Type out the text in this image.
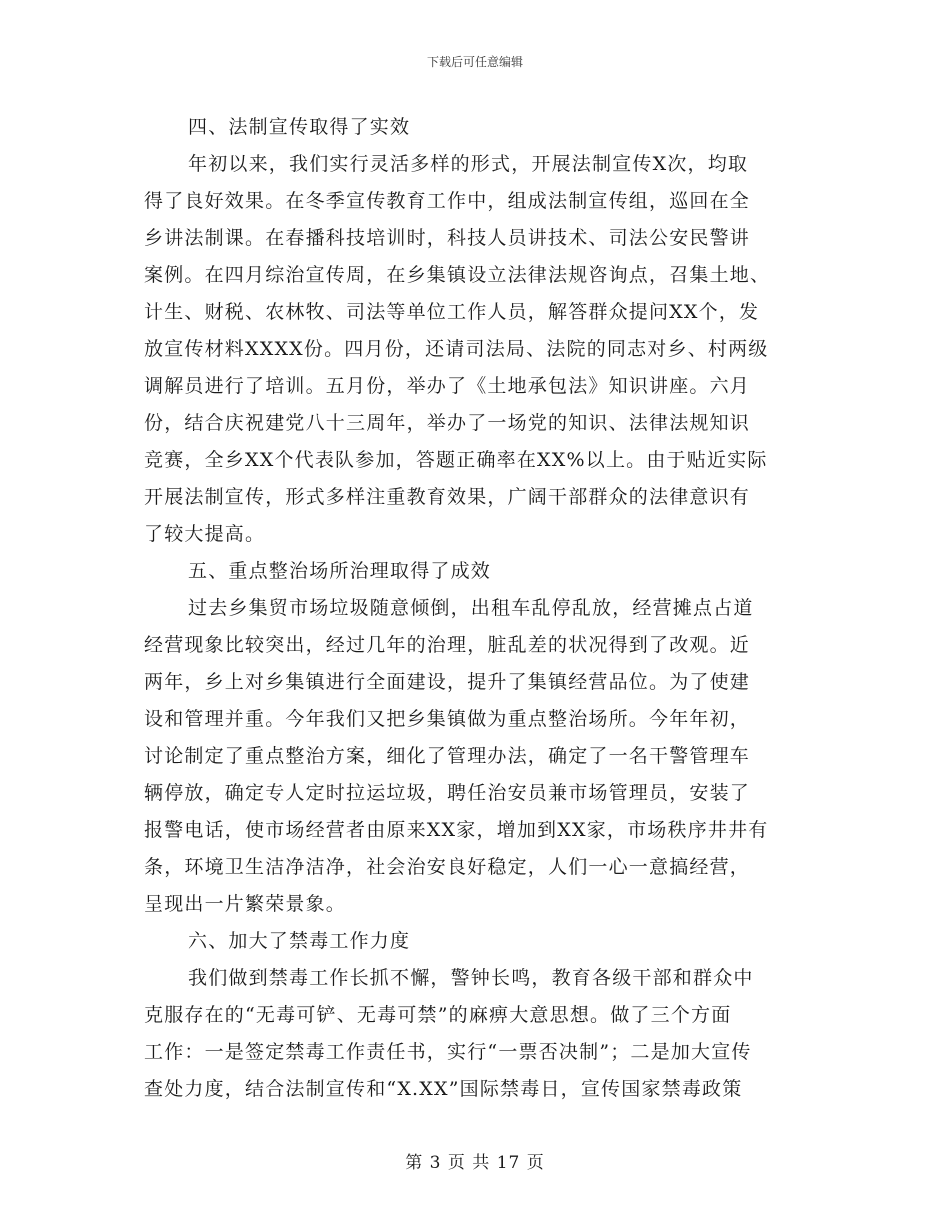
下载后可任意编辑

四、法制宣传取得了实效

年初以来，我们实行灵活多样的形式，开展法制宣传X次，均取

得了良好效果。在冬季宣传教育工作中，组成法制宣传组，巡回在全

乡讲法制课。在春播科技培训时，科技人员讲技术、司法公安民警讲

案例。在四月综治宣传周，在乡集镇设立法律法规咨询点，召集土地、

计生、财税、农林牧、司法等单位工作人员，解答群众提问XX个，发

放宣传材料XXXX份。四月份，还请司法局、法院的同志对乡、村两级

调解员进行了培训。五月份，举办了《土地承包法》知识讲座。六月

份，结合庆祝建党八十三周年，举办了一场党的知识、法律法规知识

竞赛，全乡XX个代表队参加，答题正确率在XX%以上。由于贴近实际

开展法制宣传，形式多样注重教育效果，广阔干部群众的法律意识有

了较大提高。

五、重点整治场所治理取得了成效

过去乡集贸市场垃圾随意倾倒，出租车乱停乱放，经营摊点占道

经营现象比较突出，经过几年的治理，脏乱差的状况得到了改观。近

两年，乡上对乡集镇进行全面建设，提升了集镇经营品位。为了使建

设和管理并重。今年我们又把乡集镇做为重点整治场所。今年年初，

讨论制定了重点整治方案，细化了管理办法，确定了一名干警管理车

辆停放，确定专人定时拉运垃圾，聘任治安员兼市场管理员，安装了

报警电话，使市场经营者由原来XX家，增加到XX家，市场秩序井井有

条，环境卫生洁净洁净，社会治安良好稳定，人们一心一意搞经营，

呈现出一片繁荣景象。

六、加大了禁毒工作力度

我们做到禁毒工作长抓不懈，警钟长鸣，教育各级干部和群众中

克服存在的“无毒可铲、无毒可禁”的麻痹大意思想。做了三个方面

工作：一是签定禁毒工作责任书，实行“一票否决制”；二是加大宣传

查处力度，结合法制宣传和“X.XX”国际禁毒日，宣传国家禁毒政策

第 3 页 共 17 页
